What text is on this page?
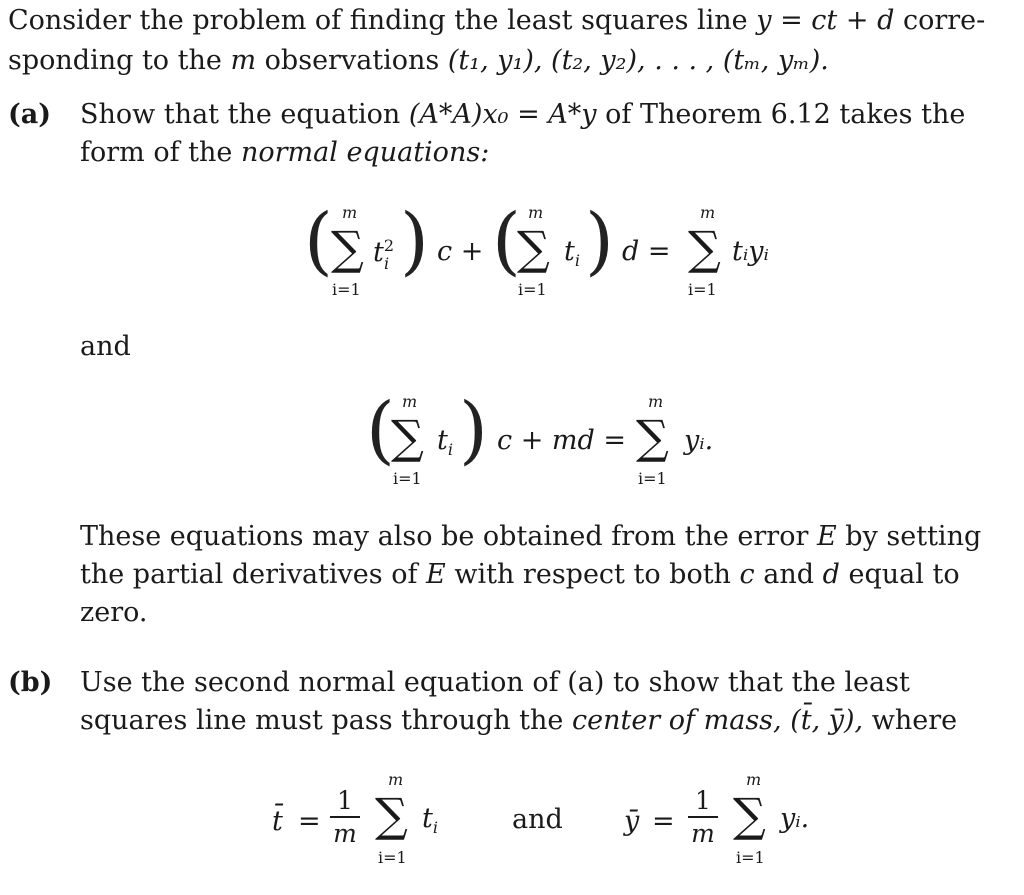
Consider the problem of finding the least squares line y = ct + d corre-
sponding to the m observations (t₁, y₁), (t₂, y₂), . . . , (tₘ, yₘ).
(a) Show that the equation (A*A)x₀ = A*y of Theorem 6.12 takes the
form of the normal equations:
( m
∑
i=1
$t^2$
i ) c + ( m
∑
i=1
$t_i$ ) d =
m
∑
i=1
tᵢyᵢ
and
( m
∑
i=1
$t_i$ ) c + md =
m
∑
i=1
yᵢ.
These equations may also be obtained from the error E by setting
the partial derivatives of E with respect to both c and d equal to
zero.
(b) Use the second normal equation of (a) to show that the least
squares line must pass through the center of mass, (t̄, ȳ), where
t̄ = $\frac{1}{m}$
m
∑
i=1
$t_i$	and ȳ = $\frac{1}{m}$
m
∑
i=1
yᵢ.
